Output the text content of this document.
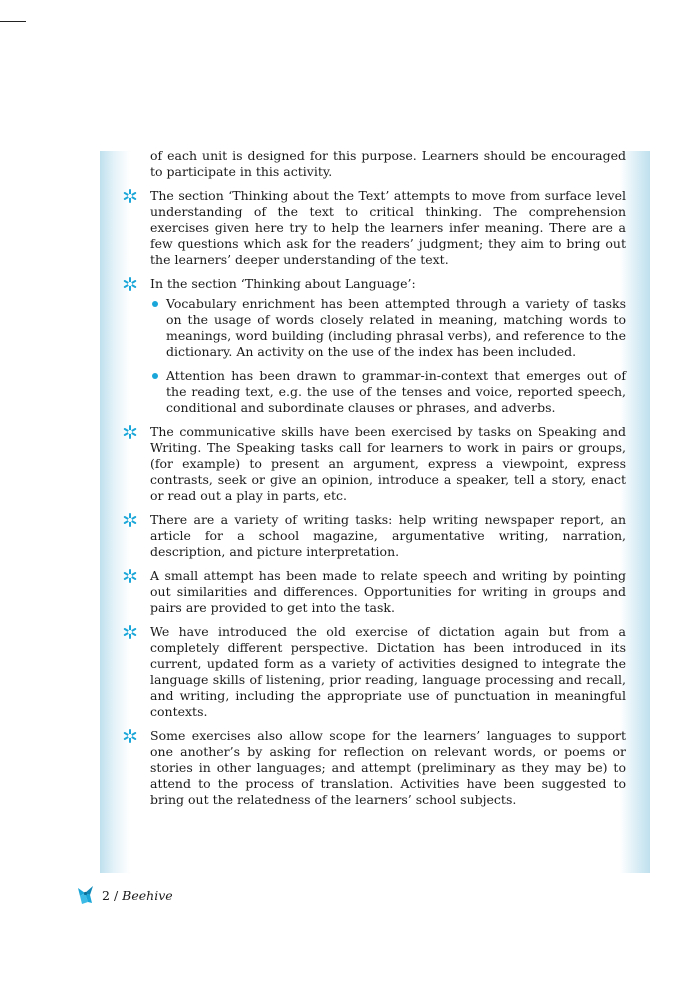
of each unit is designed for this purpose. Learners should be encouraged to participate in this activity.

The section ‘Thinking about the Text’ attempts to move from surface level understanding of the text to critical thinking. The comprehension exercises given here try to help the learners infer meaning. There are a few questions which ask for the readers’ judgment; they aim to bring out the learners’ deeper understanding of the text.

In the section ‘Thinking about Language’:

Vocabulary enrichment has been attempted through a variety of tasks on the usage of words closely related in meaning, matching words to meanings, word building (including phrasal verbs), and reference to the dictionary. An activity on the use of the index has been included.
Attention has been drawn to grammar-in-context that emerges out of the reading text, e.g. the use of the tenses and voice, reported speech, conditional and subordinate clauses or phrases, and adverbs.

The communicative skills have been exercised by tasks on Speaking and Writing. The Speaking tasks call for learners to work in pairs or groups, (for example) to present an argument, express a viewpoint, express contrasts, seek or give an opinion, introduce a speaker, tell a story, enact or read out a play in parts, etc.

There are a variety of writing tasks: help writing newspaper report, an article for a school magazine, argumentative writing, narration, description, and picture interpretation.

A small attempt has been made to relate speech and writing by pointing out similarities and differences. Opportunities for writing in groups and pairs are provided to get into the task.

We have introduced the old exercise of dictation again but from a completely different perspective. Dictation has been introduced in its current, updated form as a variety of activities designed to integrate the language skills of listening, prior reading, language processing and recall, and writing, including the appropriate use of punctuation in meaningful contexts.

Some exercises also allow scope for the learners’ languages to support one another’s by asking for reflection on relevant words, or poems or stories in other languages; and attempt (preliminary as they may be) to attend to the process of translation. Activities have been suggested to bring out the relatedness of the learners’ school subjects.

2 / Beehive
